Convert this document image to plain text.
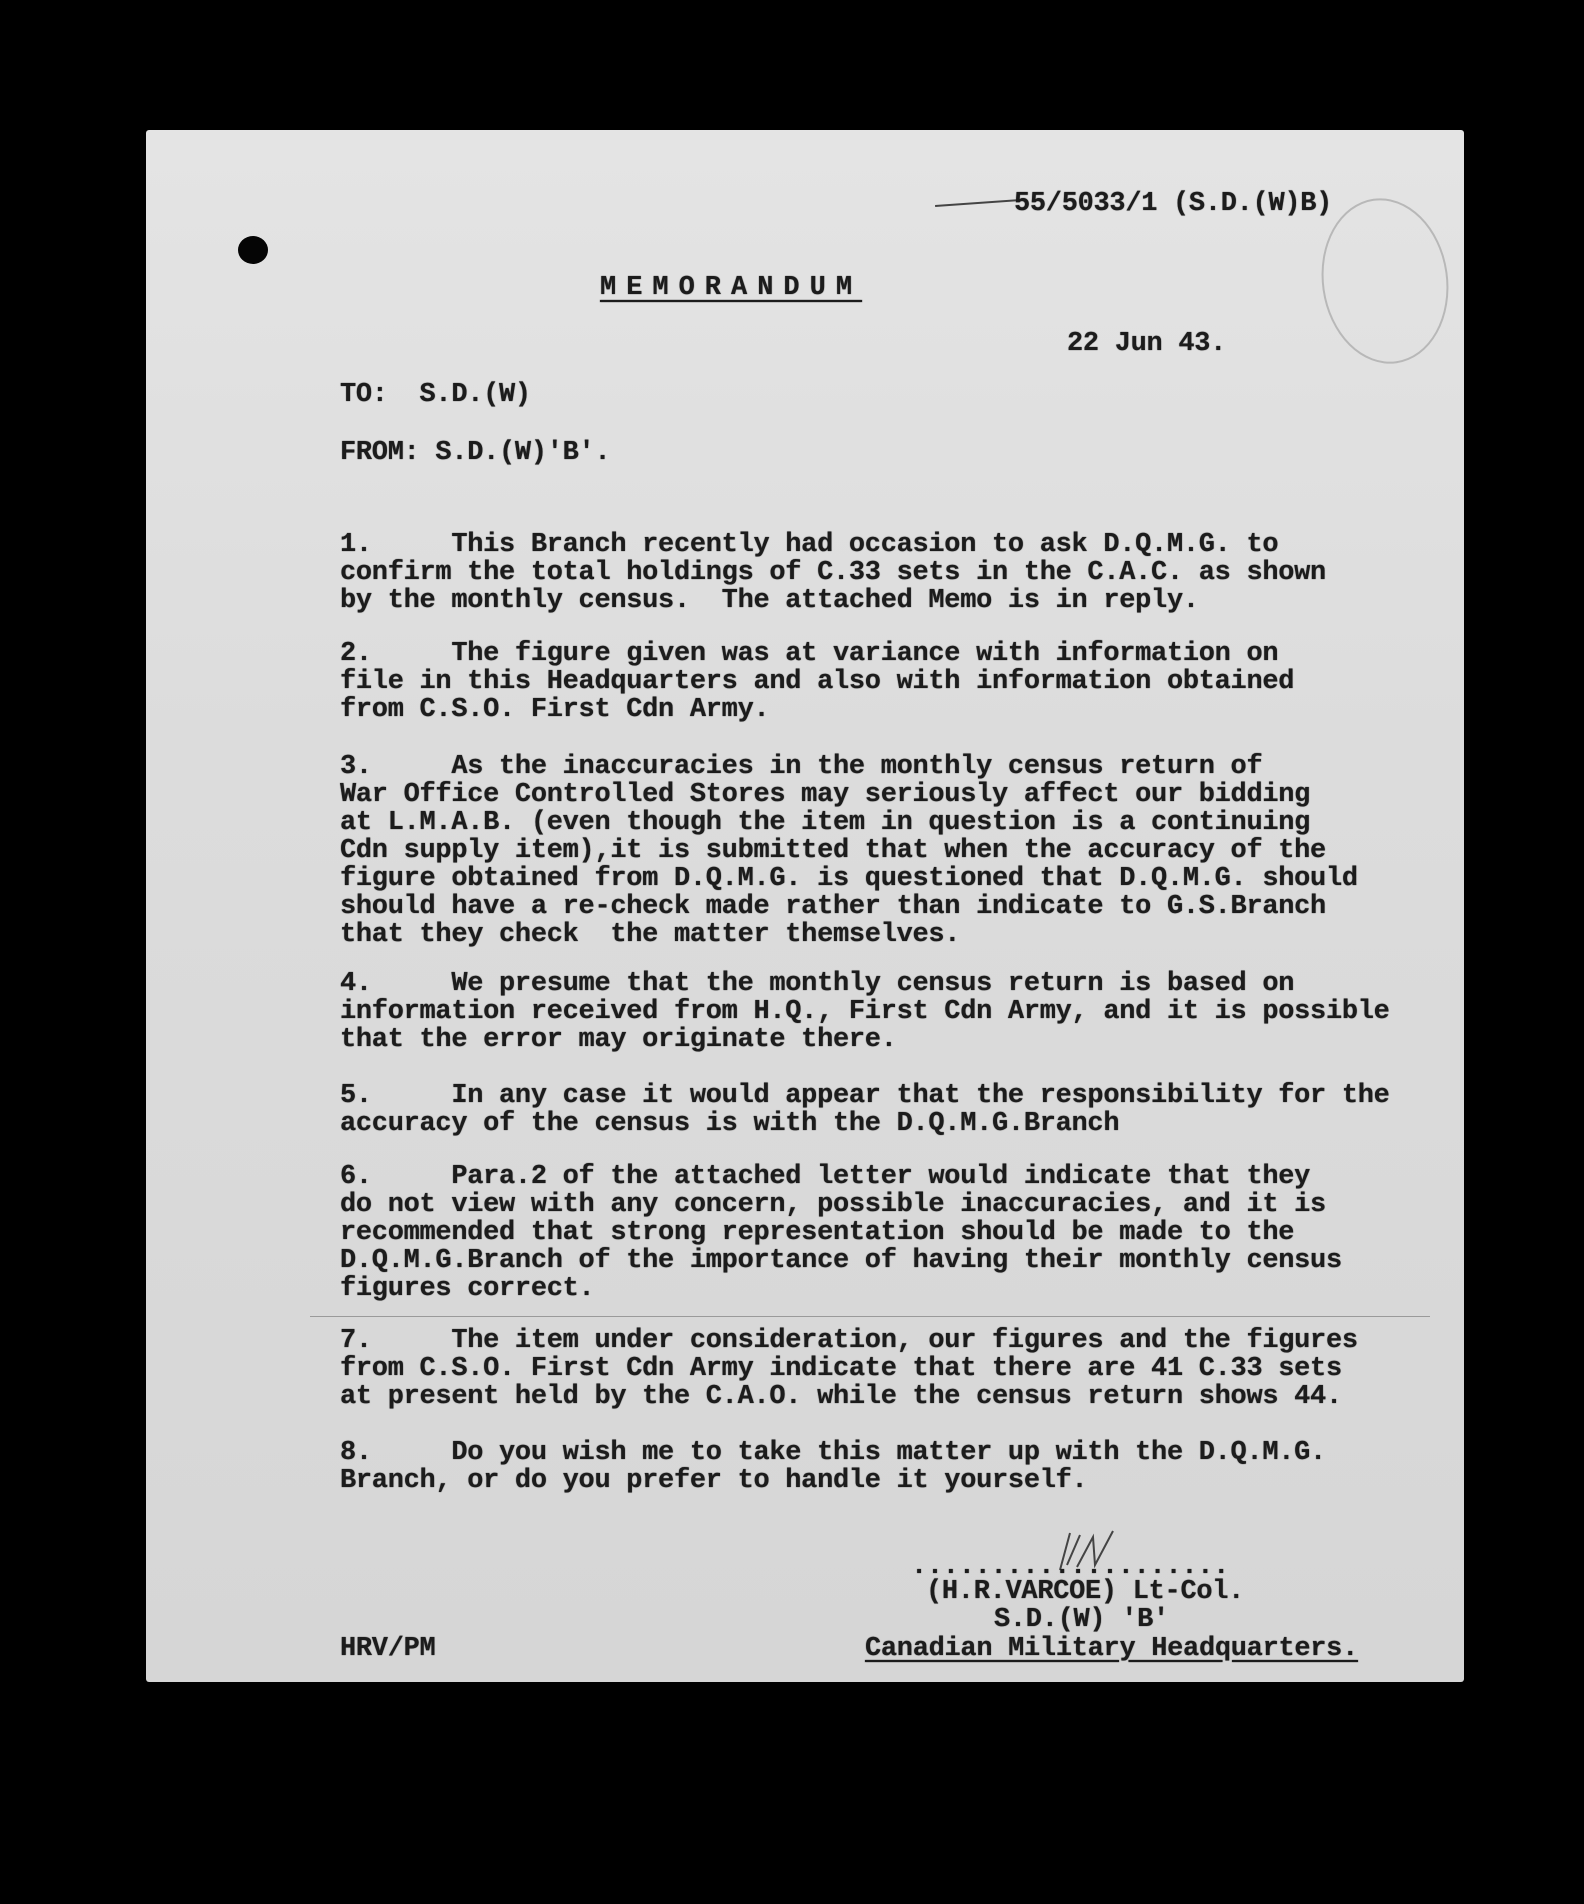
55/5033/1 (S.D.(W)B)
MEMORANDUM
22 Jun 43.
TO:  S.D.(W)
FROM: S.D.(W)'B'.
1.     This Branch recently had occasion to ask D.Q.M.G. to
confirm the total holdings of C.33 sets in the C.A.C. as shown
by the monthly census.  The attached Memo is in reply.
2.     The figure given was at variance with information on
file in this Headquarters and also with information obtained
from C.S.O. First Cdn Army.
3.     As the inaccuracies in the monthly census return of
War Office Controlled Stores may seriously affect our bidding
at L.M.A.B. (even though the item in question is a continuing
Cdn supply item),it is submitted that when the accuracy of the
figure obtained from D.Q.M.G. is questioned that D.Q.M.G. should
should have a re-check made rather than indicate to G.S.Branch
that they check  the matter themselves.
4.     We presume that the monthly census return is based on
information received from H.Q., First Cdn Army, and it is possible
that the error may originate there.
5.     In any case it would appear that the responsibility for the
accuracy of the census is with the D.Q.M.G.Branch
6.     Para.2 of the attached letter would indicate that they
do not view with any concern, possible inaccuracies, and it is
recommended that strong representation should be made to the
D.Q.M.G.Branch of the importance of having their monthly census
figures correct.
7.     The item under consideration, our figures and the figures
from C.S.O. First Cdn Army indicate that there are 41 C.33 sets
at present held by the C.A.O. while the census return shows 44.
8.     Do you wish me to take this matter up with the D.Q.M.G.
Branch, or do you prefer to handle it yourself.
....................
(H.R.VARCOE) Lt-Col.
S.D.(W) 'B'
Canadian Military Headquarters.
HRV/PM
